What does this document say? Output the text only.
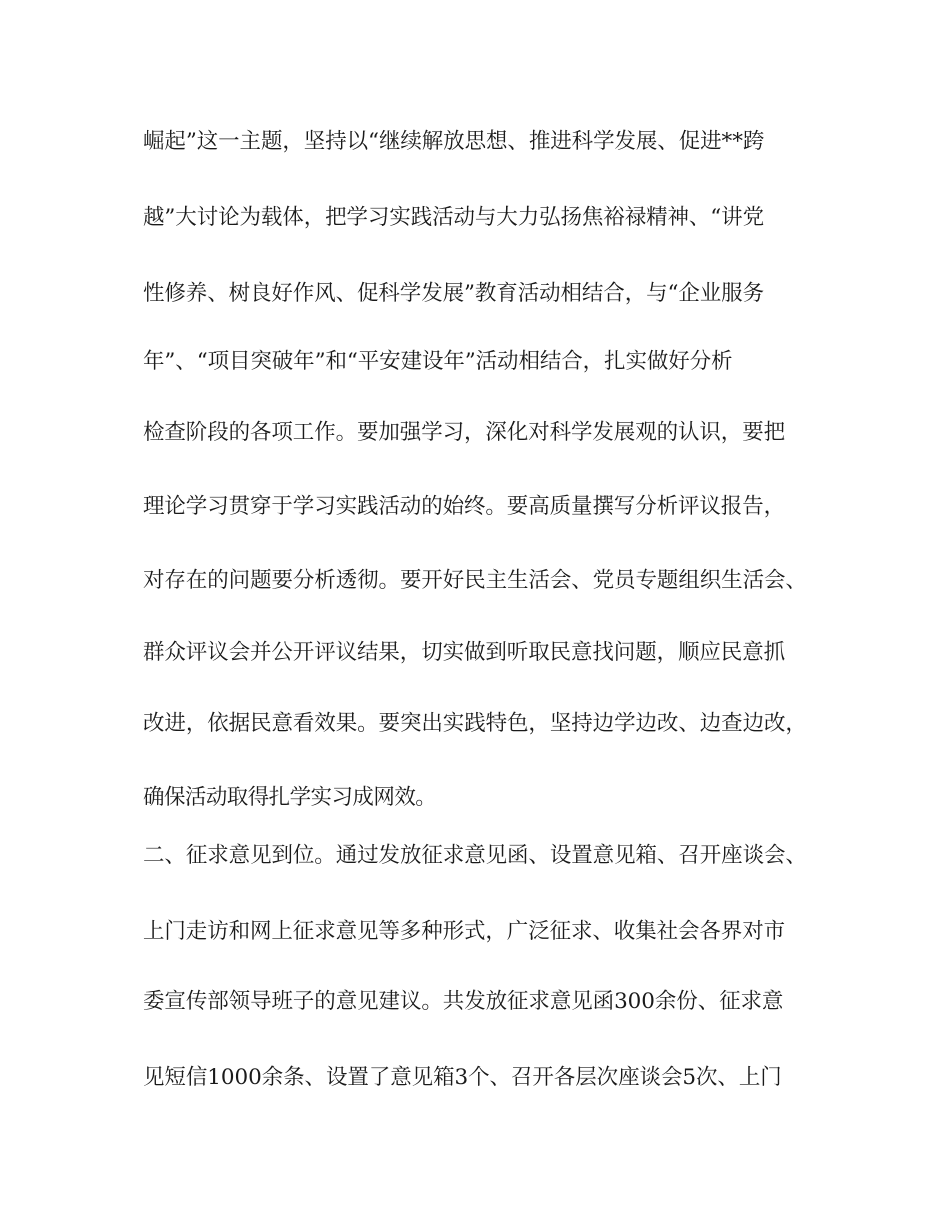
崛起”这一主题，坚持以“继续解放思想、推进科学发展、促进**跨
越”大讨论为载体，把学习实践活动与大力弘扬焦裕禄精神、“讲党
性修养、树良好作风、促科学发展”教育活动相结合，与“企业服务
年”、“项目突破年”和“平安建设年”活动相结合，扎实做好分析
检查阶段的各项工作。要加强学习，深化对科学发展观的认识，要把
理论学习贯穿于学习实践活动的始终。要高质量撰写分析评议报告，
对存在的问题要分析透彻。要开好民主生活会、党员专题组织生活会、
群众评议会并公开评议结果，切实做到听取民意找问题，顺应民意抓
改进，依据民意看效果。要突出实践特色，坚持边学边改、边查边改，
确保活动取得扎学实习成网效。
二、征求意见到位。通过发放征求意见函、设置意见箱、召开座谈会、
上门走访和网上征求意见等多种形式，广泛征求、收集社会各界对市
委宣传部领导班子的意见建议。共发放征求意见函300余份、征求意
见短信1000余条、设置了意见箱3个、召开各层次座谈会5次、上门
